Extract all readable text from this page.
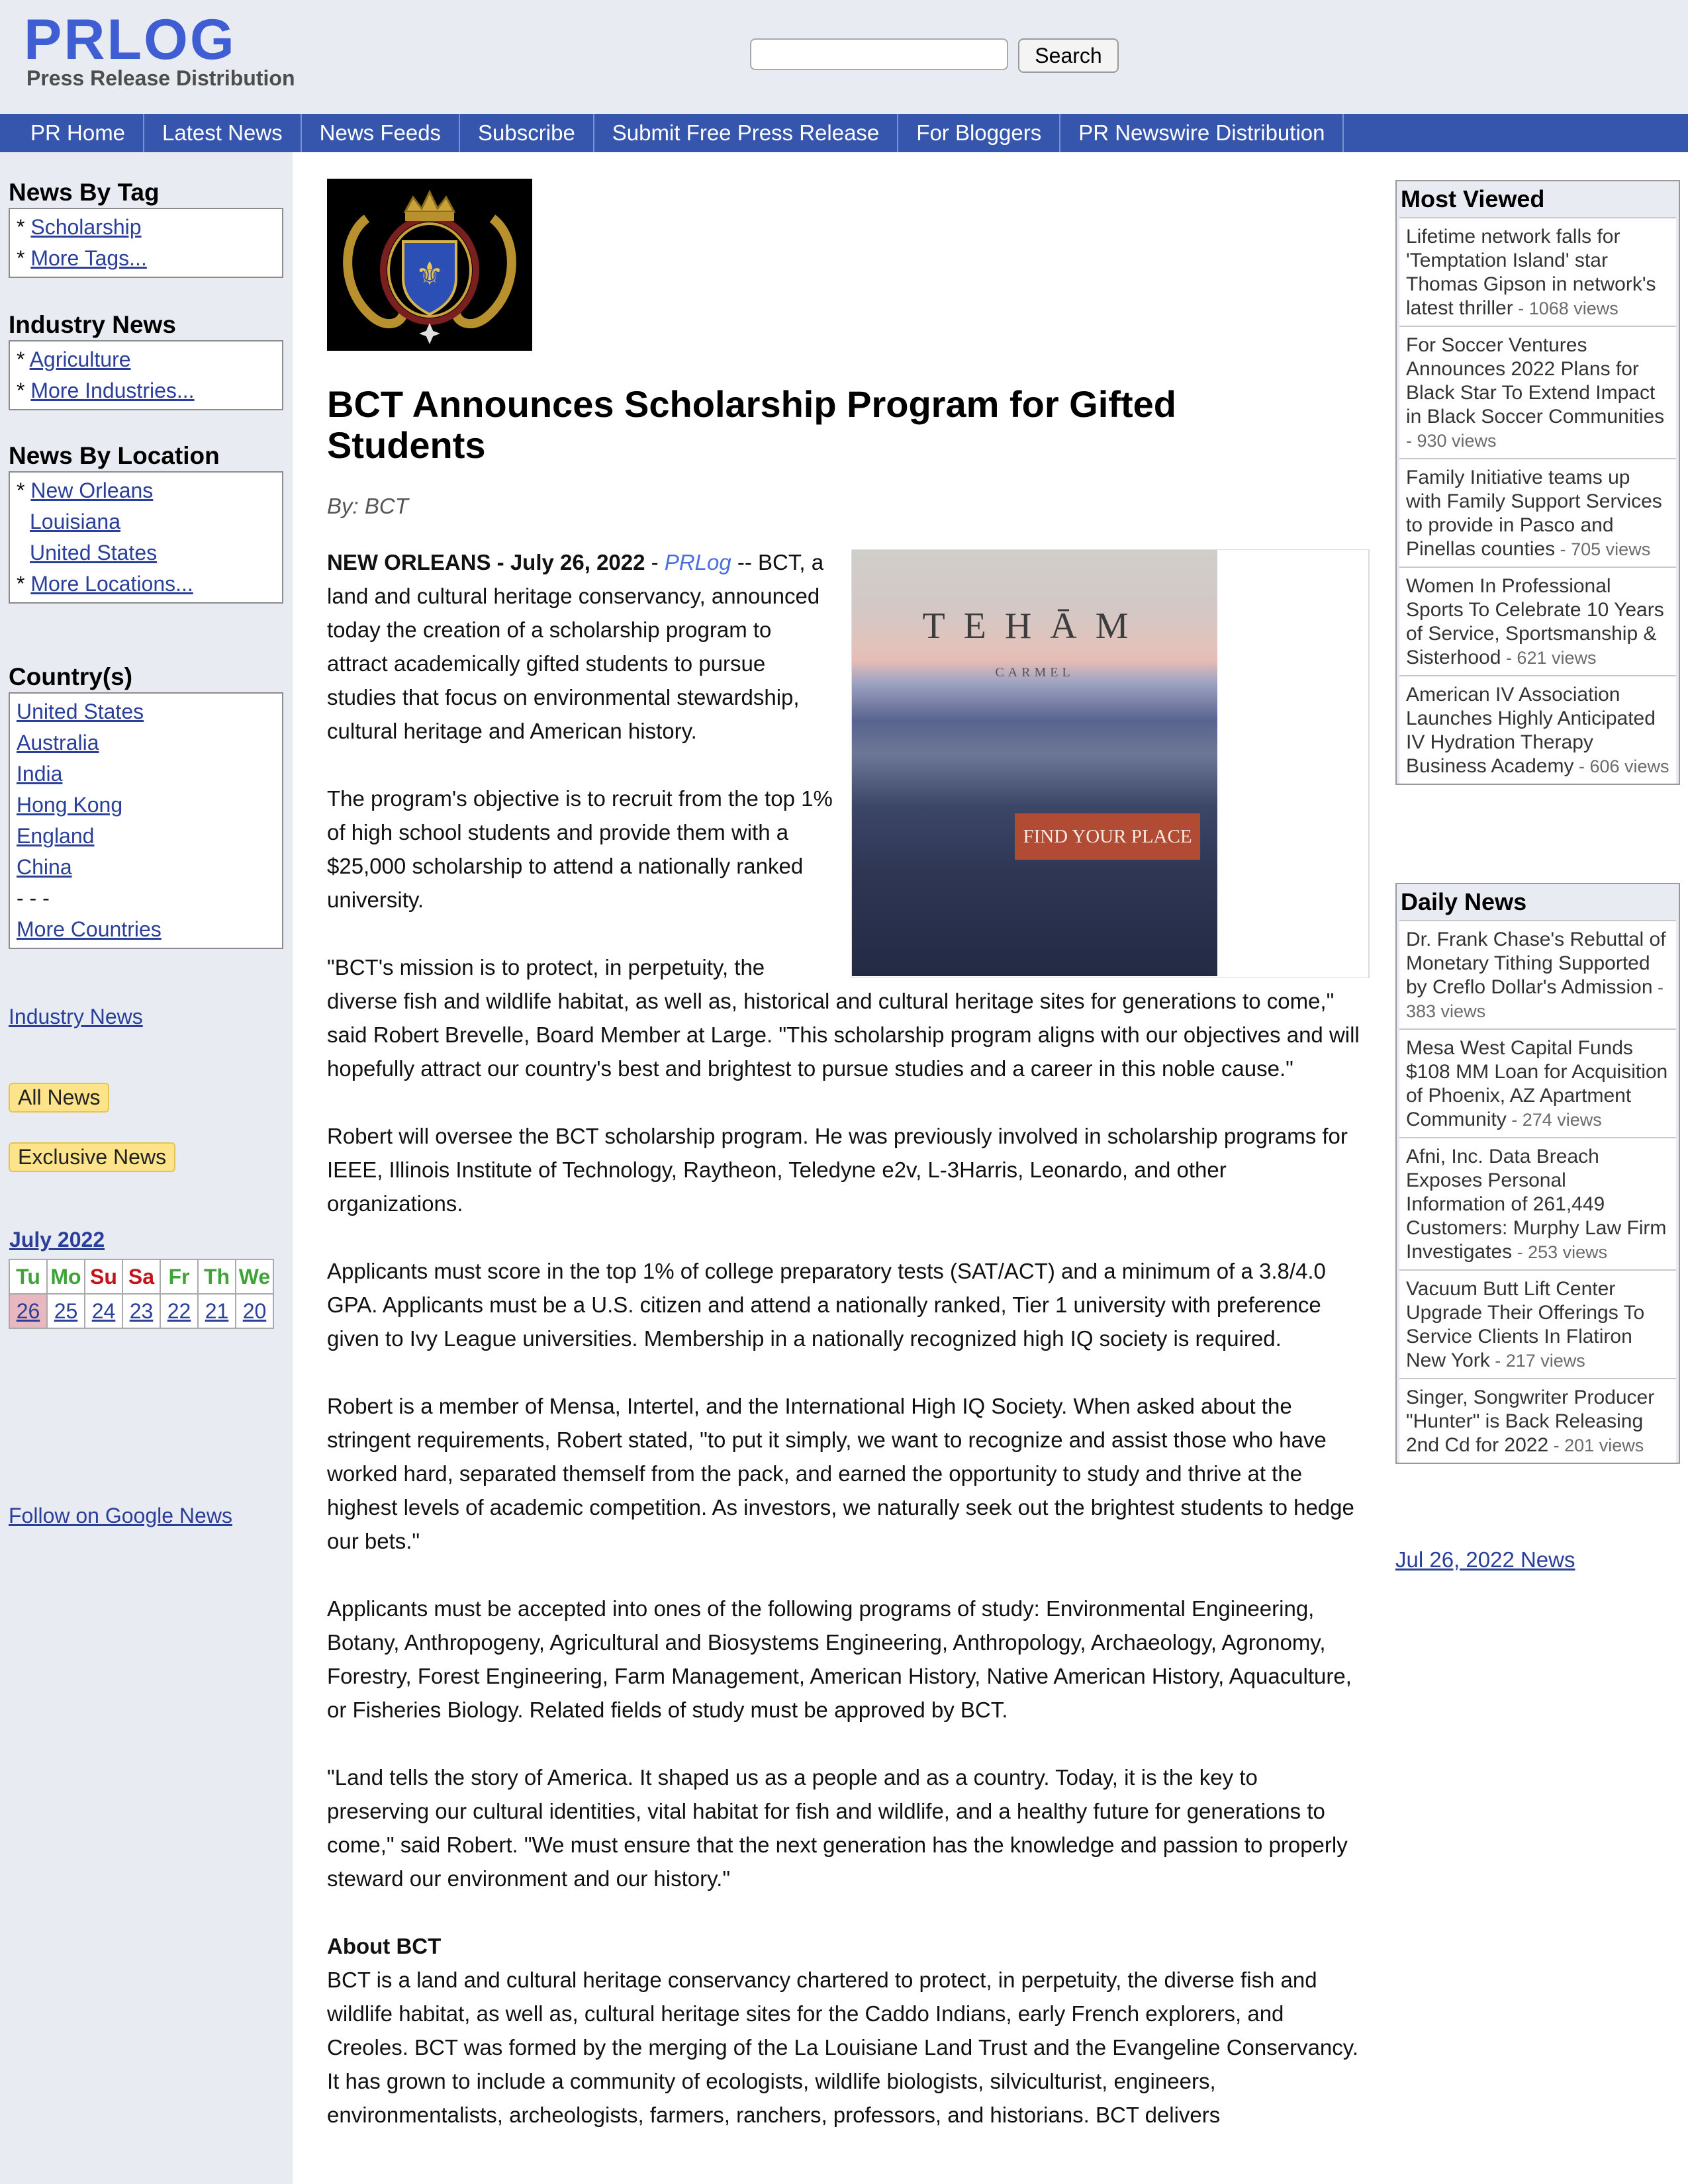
PRLOG
Press Release Distribution
Search
PR Home	Latest News	News Feeds	Subscribe	Submit Free Press Release	For Bloggers	PR Newswire Distribution
News By Tag
* Scholarship
* More Tags...
Industry News
* Agriculture
* More Industries...
News By Location
* New Orleans
Louisiana
United States
* More Locations...
Country(s)
United States
Australia
India
Hong Kong
England
China
- - -
More Countries
Industry News
All News
Exclusive News
July 2022
Tu	Mo	Su	Sa	Fr	Th	We
26	25	24	23	22	21	20
Follow on Google News
⚜
BCT Announces Scholarship Program for Gifted Students
By: BCT
TEHĀM
CARMEL
FIND YOUR PLACE

NEW ORLEANS - July 26, 2022 - PRLog -- BCT, a land and cultural heritage conservancy, announced today the creation of a scholarship program to attract academically gifted students to pursue studies that focus on environmental stewardship, cultural heritage and American history.

The program's objective is to recruit from the top 1% of high school students and provide them with a $25,000 scholarship to attend a nationally ranked university.

"BCT's mission is to protect, in perpetuity, the diverse fish and wildlife habitat, as well as, historical and cultural heritage sites for generations to come," said Robert Brevelle, Board Member at Large. "This scholarship program aligns with our objectives and will hopefully attract our country's best and brightest to pursue studies and a career in this noble cause."

Robert will oversee the BCT scholarship program. He was previously involved in scholarship programs for IEEE, Illinois Institute of Technology, Raytheon, Teledyne e2v, L-3Harris, Leonardo, and other organizations.

Applicants must score in the top 1% of college preparatory tests (SAT/ACT) and a minimum of a 3.8/4.0 GPA. Applicants must be a U.S. citizen and attend a nationally ranked, Tier 1 university with preference given to Ivy League universities. Membership in a nationally recognized high IQ society is required.

Robert is a member of Mensa, Intertel, and the International High IQ Society. When asked about the stringent requirements, Robert stated, "to put it simply, we want to recognize and assist those who have worked hard, separated themself from the pack, and earned the opportunity to study and thrive at the highest levels of academic competition. As investors, we naturally seek out the brightest students to hedge our bets."

Applicants must be accepted into ones of the following programs of study: Environmental Engineering, Botany, Anthropogeny, Agricultural and Biosystems Engineering, Anthropology, Archaeology, Agronomy, Forestry, Forest Engineering, Farm Management, American History, Native American History, Aquaculture, or Fisheries Biology. Related fields of study must be approved by BCT.

"Land tells the story of America. It shaped us as a people and as a country. Today, it is the key to preserving our cultural identities, vital habitat for fish and wildlife, and a healthy future for generations to come," said Robert. "We must ensure that the next generation has the knowledge and passion to properly steward our environment and our history."

About BCT
BCT is a land and cultural heritage conservancy chartered to protect, in perpetuity, the diverse fish and wildlife habitat, as well as, cultural heritage sites for the Caddo Indians, early French explorers, and Creoles. BCT was formed by the merging of the La Louisiane Land Trust and the Evangeline Conservancy. It has grown to include a community of ecologists, wildlife biologists, silviculturist, engineers, environmentalists, archeologists, farmers, ranchers, professors, and historians. BCT delivers
Most Viewed
Lifetime network falls for 'Temptation Island' star Thomas Gipson in network's latest thriller - 1068 views
For Soccer Ventures Announces 2022 Plans for Black Star To Extend Impact in Black Soccer Communities - 930 views
Family Initiative teams up with Family Support Services to provide in Pasco and Pinellas counties - 705 views
Women In Professional Sports To Celebrate 10 Years of Service, Sportsmanship & Sisterhood - 621 views
American IV Association Launches Highly Anticipated IV Hydration Therapy Business Academy - 606 views
Daily News
Dr. Frank Chase's Rebuttal of Monetary Tithing Supported by Creflo Dollar's Admission - 383 views
Mesa West Capital Funds $108 MM Loan for Acquisition of Phoenix, AZ Apartment Community - 274 views
Afni, Inc. Data Breach Exposes Personal Information of 261,449 Customers: Murphy Law Firm Investigates - 253 views
Vacuum Butt Lift Center Upgrade Their Offerings To Service Clients In Flatiron New York - 217 views
Singer, Songwriter Producer "Hunter" is Back Releasing 2nd Cd for 2022 - 201 views
Jul 26, 2022 News
